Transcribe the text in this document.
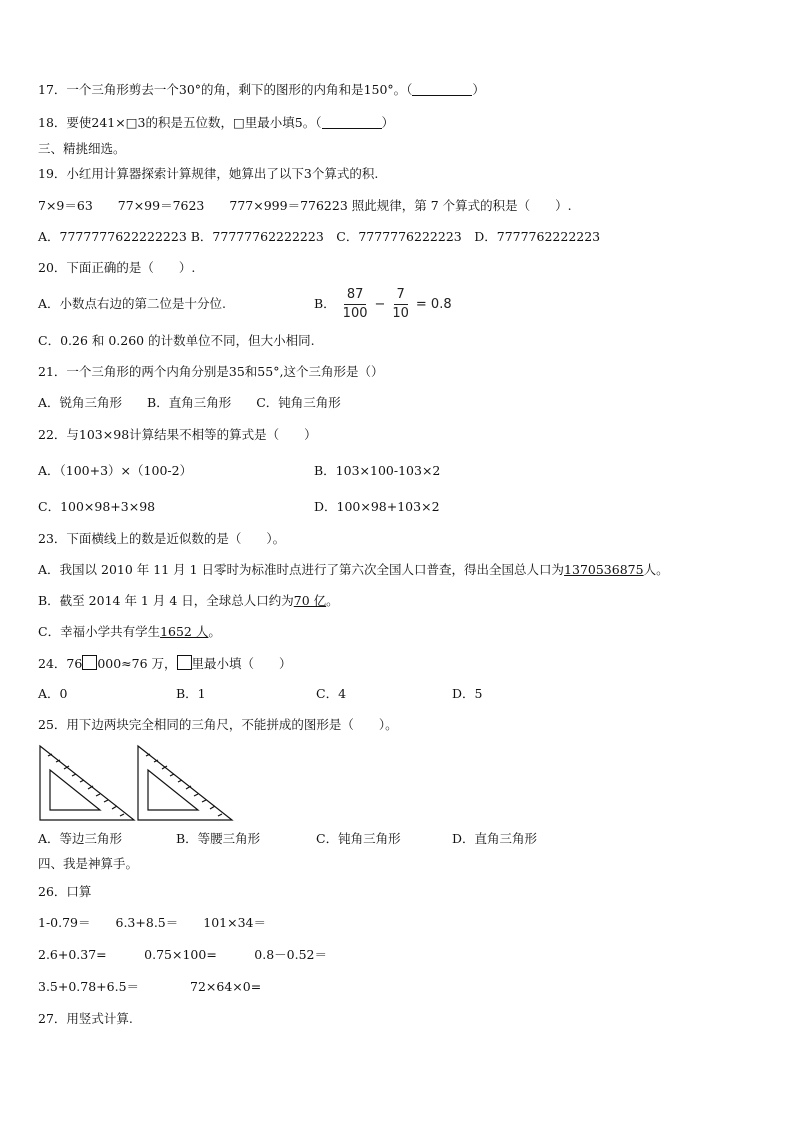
17．一个三角形剪去一个30°的角，剩下的图形的内角和是150°。（	）
18．要使241×□3的积是五位数，□里最小填5。（	）
三、精挑细选。
19．小红用计算器探索计算规律，她算出了以下3个算式的积.
7×9＝63　　77×99＝7623　　777×999＝776223 照此规律，第 7 个算式的积是（　　）.
A．7777777622222223 B．77777762222223　C．7777776222223　D．7777762222223
20．下面正确的是（　　）.
A．小数点右边的第二位是十分位.	B． $\frac{87}{100} - \frac{7}{10} = 0.8$
C．0.26 和 0.260 的计数单位不同，但大小相同.
21．一个三角形的两个内角分别是35和55°,这个三角形是（）
A．锐角三角形　　B．直角三角形　　C．钝角三角形
22．与103×98计算结果不相等的算式是（　　）
A．（100+3）×（100-2）	B．103×100-103×2
C．100×98+3×98	D．100×98+103×2
23．下面横线上的数是近似数的是（　　）。
A．我国以 2010 年 11 月 1 日零时为标准时点进行了第六次全国人口普查，得出全国总人口为1370536875人。
B．截至 2014 年 1 月 4 日，全球总人口约为70 亿。
C．幸福小学共有学生1652 人。
24．76 000≈76 万， 里最小填（　　）
A．0	B．1	C．4	D．5
25．用下边两块完全相同的三角尺，不能拼成的图形是（　　）。
A．等边三角形	B．等腰三角形	C．钝角三角形	D．直角三角形
四、我是神算手。
26．口算
1-0.79＝　　6.3+8.5＝　　101×34＝
2.6+0.37=　　　0.75×100=　　　0.8－0.52＝
3.5+0.78+6.5＝	72×64×0=
27．用竖式计算.
